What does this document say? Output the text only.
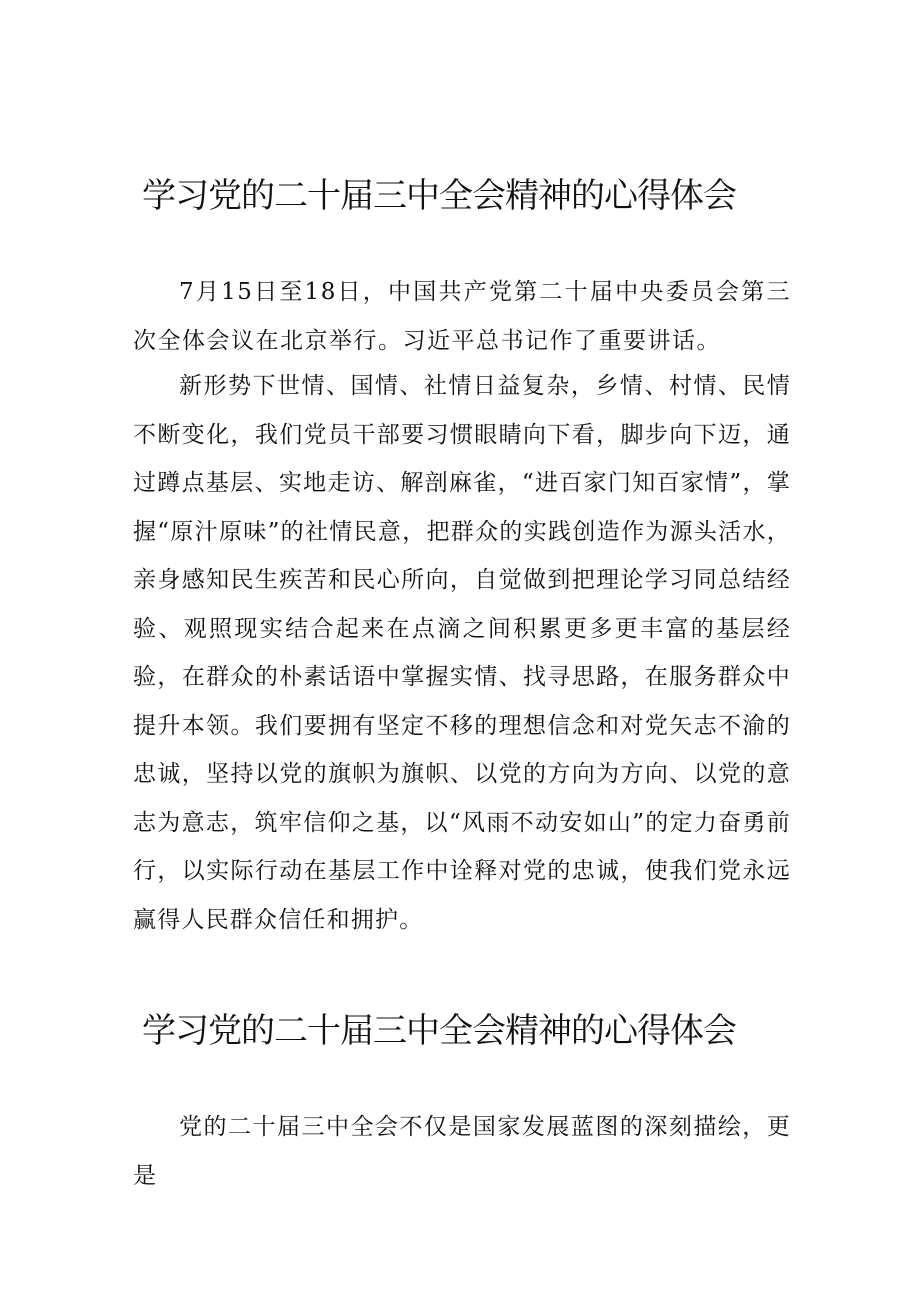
学习党的二十届三中全会精神的心得体会

7月15日至18日，中国共产党第二十届中央委员会第三次全体会议在北京举行。习近平总书记作了重要讲话。

新形势下世情、国情、社情日益复杂，乡情、村情、民情不断变化，我们党员干部要习惯眼睛向下看，脚步向下迈，通过蹲点基层、实地走访、解剖麻雀，“进百家门知百家情”，掌握“原汁原味”的社情民意，把群众的实践创造作为源头活水，亲身感知民生疾苦和民心所向，自觉做到把理论学习同总结经验、观照现实结合起来在点滴之间积累更多更丰富的基层经验，在群众的朴素话语中掌握实情、找寻思路，在服务群众中提升本领。我们要拥有坚定不移的理想信念和对党矢志不渝的忠诚，坚持以党的旗帜为旗帜、以党的方向为方向、以党的意志为意志，筑牢信仰之基，以“风雨不动安如山”的定力奋勇前行，以实际行动在基层工作中诠释对党的忠诚，使我们党永远赢得人民群众信任和拥护。

学习党的二十届三中全会精神的心得体会

党的二十届三中全会不仅是国家发展蓝图的深刻描绘，更是
